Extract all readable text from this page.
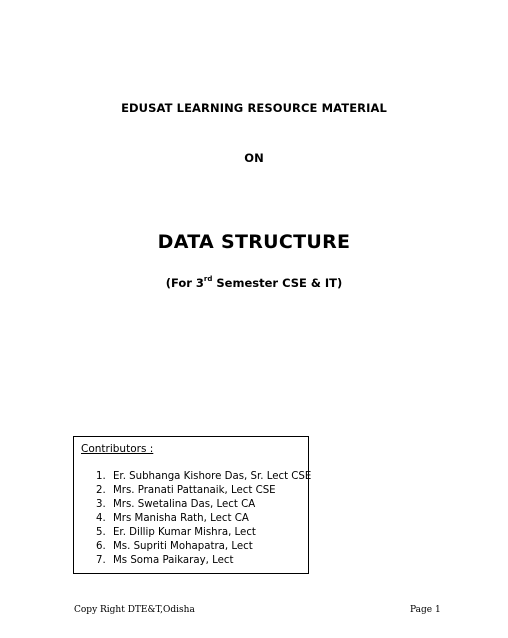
EDUSAT LEARNING RESOURCE MATERIAL
ON
DATA STRUCTURE
(For 3rd Semester CSE & IT)
Contributors :
1. Er. Subhanga Kishore Das, Sr. Lect CSE
2. Mrs. Pranati Pattanaik, Lect CSE
3. Mrs. Swetalina Das, Lect CA
4. Mrs Manisha Rath, Lect CA
5. Er. Dillip Kumar Mishra, Lect
6. Ms. Supriti Mohapatra, Lect
7. Ms Soma Paikaray, Lect
Copy Right DTE&T,Odisha	Page 1
